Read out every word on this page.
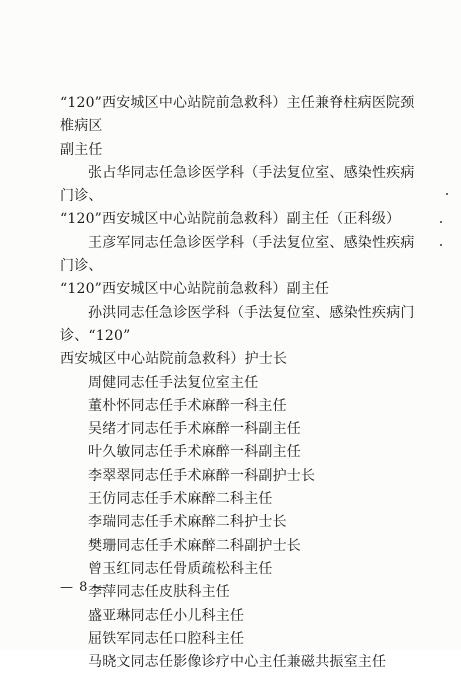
“120”西安城区中心站院前急救科）主任兼脊柱病医院颈椎病区
副主任

张占华同志任急诊医学科（手法复位室、感染性疾病门诊、
“120”西安城区中心站院前急救科）副主任（正科级）

王彦军同志任急诊医学科（手法复位室、感染性疾病门诊、
“120”西安城区中心站院前急救科）副主任

孙洪同志任急诊医学科（手法复位室、感染性疾病门诊、“120”
西安城区中心站院前急救科）护士长

周健同志任手法复位室主任

董朴怀同志任手术麻醉一科主任

吴绪才同志任手术麻醉一科副主任

叶久敏同志任手术麻醉一科副主任

李翠翠同志任手术麻醉一科副护士长

王仿同志任手术麻醉二科主任

李瑞同志任手术麻醉二科护士长

樊珊同志任手术麻醉二科副护士长

曾玉红同志任骨质疏松科主任

李萍同志任皮肤科主任

盛亚琳同志任小儿科主任

屈铁军同志任口腔科主任

马晓文同志任影像诊疗中心主任兼磁共振室主任

— 8 —
